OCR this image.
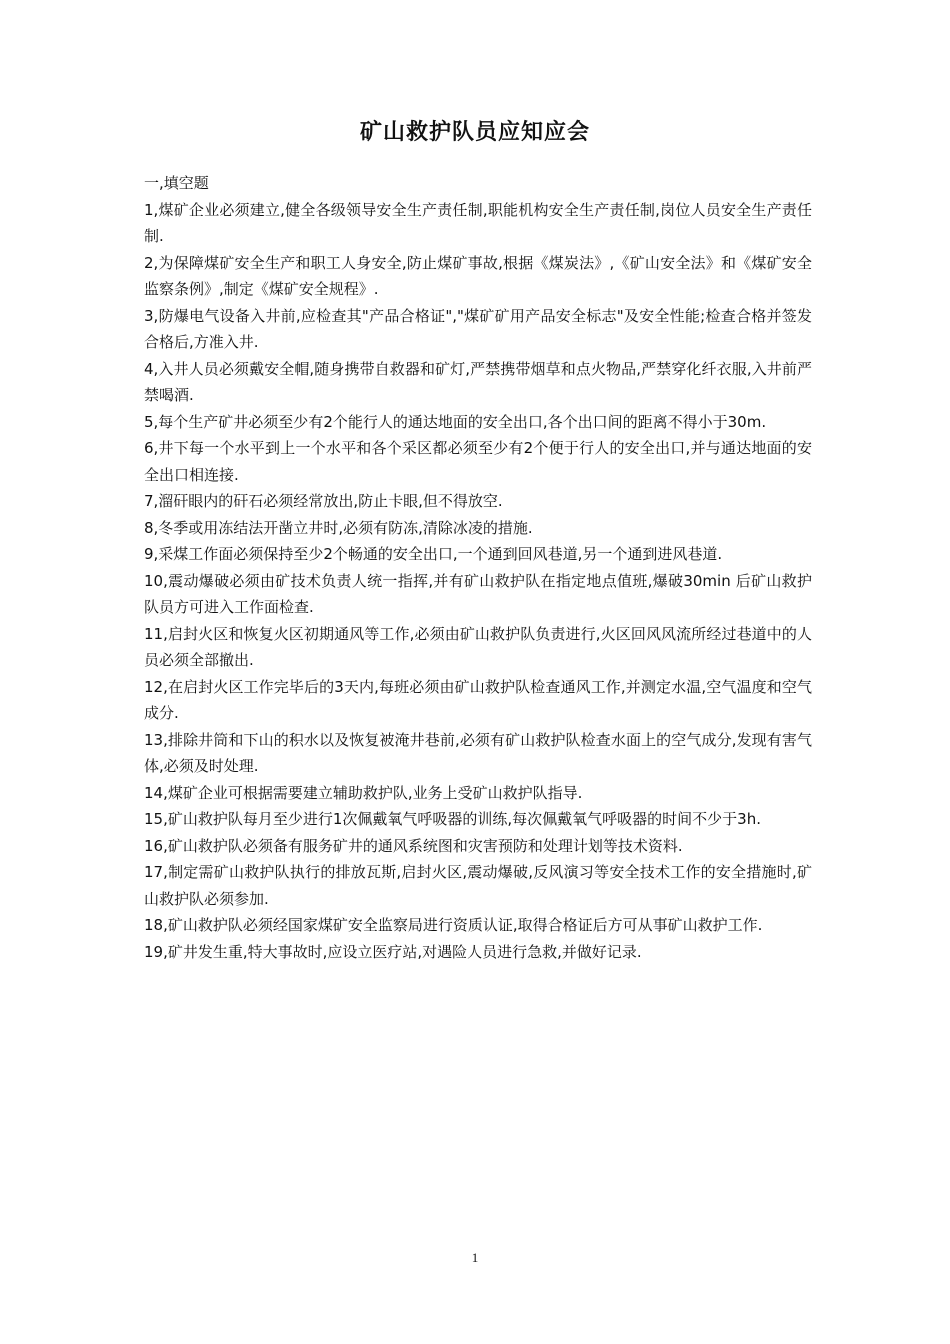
矿山救护队员应知应会

一,填空题

1,煤矿企业必须建立,健全各级领导安全生产责任制,职能机构安全生产责任制,岗位人员安全生产责任制.

2,为保障煤矿安全生产和职工人身安全,防止煤矿事故,根据《煤炭法》,《矿山安全法》和《煤矿安全监察条例》,制定《煤矿安全规程》.

3,防爆电气设备入井前,应检查其"产品合格证","煤矿矿用产品安全标志"及安全性能;检查合格并签发合格后,方准入井.

4,入井人员必须戴安全帽,随身携带自救器和矿灯,严禁携带烟草和点火物品,严禁穿化纤衣服,入井前严禁喝酒.

5,每个生产矿井必须至少有2个能行人的通达地面的安全出口,各个出口间的距离不得小于30m.

6,井下每一个水平到上一个水平和各个采区都必须至少有2个便于行人的安全出口,并与通达地面的安全出口相连接.

7,溜矸眼内的矸石必须经常放出,防止卡眼,但不得放空.

8,冬季或用冻结法开凿立井时,必须有防冻,清除冰凌的措施.

9,采煤工作面必须保持至少2个畅通的安全出口,一个通到回风巷道,另一个通到进风巷道.

10,震动爆破必须由矿技术负责人统一指挥,并有矿山救护队在指定地点值班,爆破30min 后矿山救护队员方可进入工作面检查.

11,启封火区和恢复火区初期通风等工作,必须由矿山救护队负责进行,火区回风风流所经过巷道中的人员必须全部撤出.

12,在启封火区工作完毕后的3天内,每班必须由矿山救护队检查通风工作,并测定水温,空气温度和空气成分.

13,排除井筒和下山的积水以及恢复被淹井巷前,必须有矿山救护队检查水面上的空气成分,发现有害气体,必须及时处理.

14,煤矿企业可根据需要建立辅助救护队,业务上受矿山救护队指导.

15,矿山救护队每月至少进行1次佩戴氧气呼吸器的训练,每次佩戴氧气呼吸器的时间不少于3h.

16,矿山救护队必须备有服务矿井的通风系统图和灾害预防和处理计划等技术资料.

17,制定需矿山救护队执行的排放瓦斯,启封火区,震动爆破,反风演习等安全技术工作的安全措施时,矿山救护队必须参加.

18,矿山救护队必须经国家煤矿安全监察局进行资质认证,取得合格证后方可从事矿山救护工作.

19,矿井发生重,特大事故时,应设立医疗站,对遇险人员进行急救,并做好记录.

1
